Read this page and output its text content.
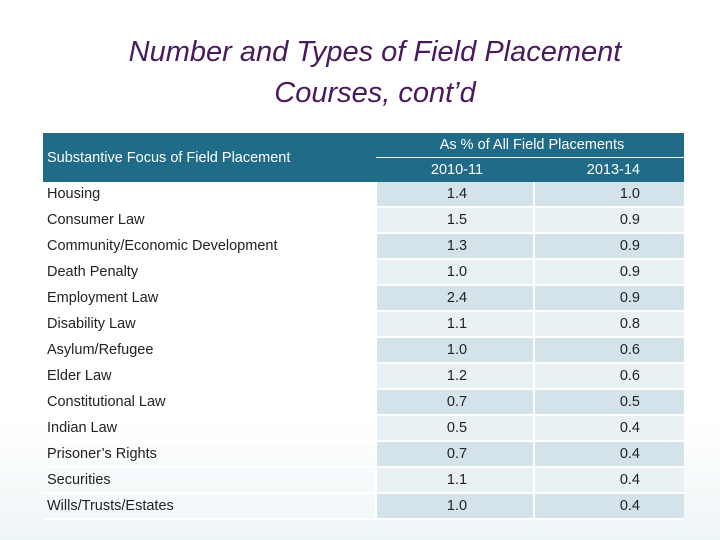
Number and Types of Field Placement
Courses, cont’d
Substantive Focus of Field Placement	As % of All Field Placements	
	2010-11	2013-14
Housing	1.4	1.0
Consumer Law	1.5	0.9
Community/Economic Development	1.3	0.9
Death Penalty	1.0	0.9
Employment Law	2.4	0.9
Disability Law	1.1	0.8
Asylum/Refugee	1.0	0.6
Elder Law	1.2	0.6
Constitutional Law	0.7	0.5
Indian Law	0.5	0.4
Prisoner’s Rights	0.7	0.4
Securities	1.1	0.4
Wills/Trusts/Estates	1.0	0.4
